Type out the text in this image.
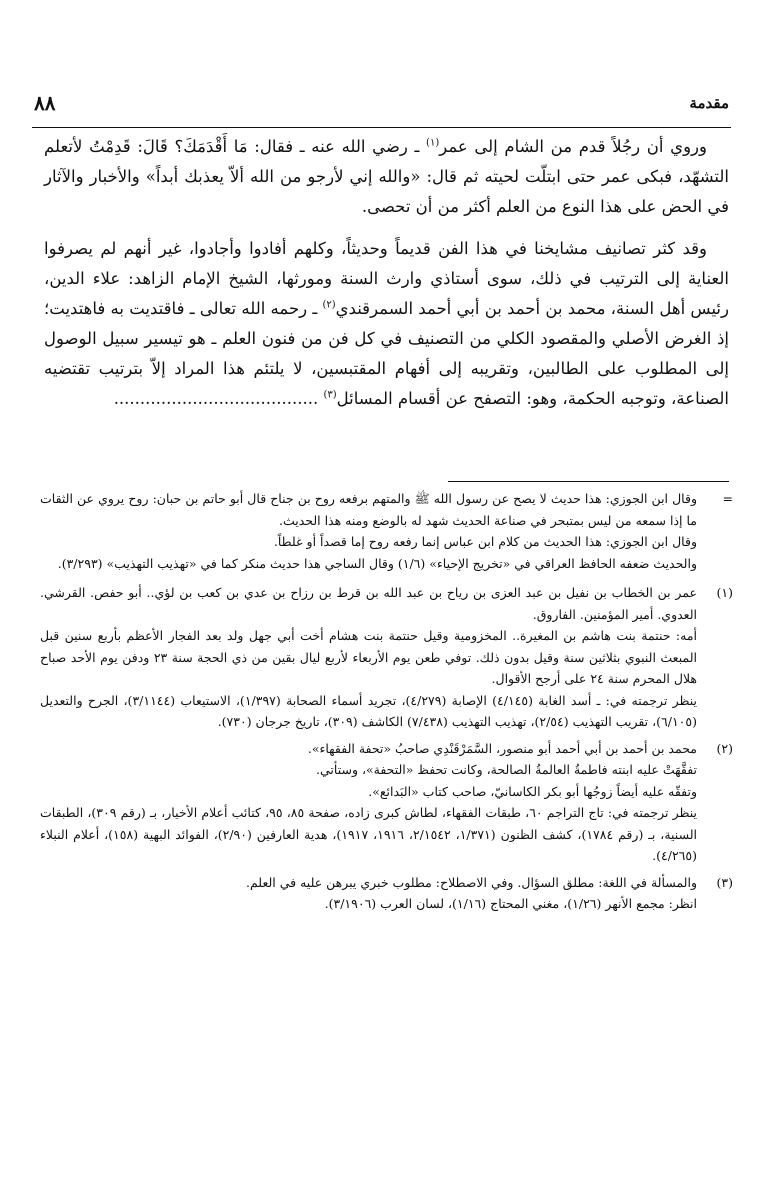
٨٨	مقدمة

وروي أن رجُلاً قدم من الشام إلى عمر$^{(١)}$ ـ رضي الله عنه ـ فقال: مَا أَقْدَمَكَ؟ قَالَ: قَدِمْتُ لأتعلم التشهّد، فبكى عمر حتى ابتلّت لحيته ثم قال: «والله إني لأرجو من الله ألاّ يعذبك أبداً» والأخبار والآثار في الحض على هذا النوع من العلم أكثر من أن تحصى.

وقد كثر تصانيف مشايخنا في هذا الفن قديماً وحديثاً، وكلهم أفادوا وأجادوا، غير أنهم لم يصرفوا العناية إلى الترتيب في ذلك، سوى أستاذي وارث السنة ومورثها، الشيخ الإمام الزاهد: علاء الدين، رئيس أهل السنة، محمد بن أحمد بن أبي أحمد السمرقندي$^{(٢)}$ ـ رحمه الله تعالى ـ فاقتديت به فاهتديت؛ إذ الغرض الأصلي والمقصود الكلي من التصنيف في كل فن من فنون العلم ـ هو تيسير سبيل الوصول إلى المطلوب على الطالبين، وتقريبه إلى أفهام المقتبسين، لا يلتئم هذا المراد إلاّ بترتيب تقتضيه الصناعة، وتوجبه الحكمة، وهو: التصفح عن أقسام المسائل$^{(٣)}$ .......................................

=
وقال ابن الجوزي: هذا حديث لا يصح عن رسول الله ﷺ والمتهم برفعه روح بن جناح قال أبو حاتم بن حبان: روح يروي عن الثقات ما إذا سمعه من ليس بمتبحر في صناعة الحديث شهد له بالوضع ومنه هذا الحديث.
وقال ابن الجوزي: هذا الحديث من كلام ابن عباس إنما رفعه روح إما قصداً أو غلطاً.
والحديث ضعفه الحافظ العراقي في «تخريج الإحياء» (١/٦) وقال الساجي هذا حديث منكر كما في «تهذيب التهذيب» (٣/٢٩٣).
(١)
عمر بن الخطاب بن نفيل بن عبد العزى بن رياح بن عبد الله بن قرط بن رزاح بن عدي بن كعب بن لؤي.. أبو حفص. القرشي. العدوي. أمير المؤمنين. الفاروق.
أمه: حنتمة بنت هاشم بن المغيرة.. المخزومية وقيل حنتمة بنت هشام أخت أبي جهل ولد بعد الفجار الأعظم بأربع سنين قبل المبعث النبوي بثلاثين سنة وقيل بدون ذلك. توفي طعن يوم الأربعاء لأربع ليال بقين من ذي الحجة سنة ٢٣ ودفن يوم الأحد صباح هلال المحرم سنة ٢٤ على أرجح الأقوال.
ينظر ترجمته في: ـ أسد الغابة (٤/١٤٥) الإصابة (٤/٢٧٩)، تجريد أسماء الصحابة (١/٣٩٧)، الاستيعاب (٣/١١٤٤)، الجرح والتعديل (٦/١٠٥)، تقريب التهذيب (٢/٥٤)، تهذيب التهذيب (٧/٤٣٨) الكاشف (٣٠٩)، تاريخ جرجان (٧٣٠).
(٢)
محمد بن أحمد بن أبي أحمد أبو منصور، السَّمَرْقَنْدِي صاحبُ «تحفة الفقهاء».
تفقَّهَتْ عليه ابنته فاطمةُ العالمةُ الصالحة، وكانت تحفظ «التحفة»، وستأتي.
وتفقّه عليه أيضاً زوجُها أبو بكر الكاسانيّ، صاحب كتاب «البَدائع».
ينظر ترجمته في: تاج التراجم ٦٠، طبقات الفقهاء، لطاش كبرى زاده، صفحة ٨٥، ٩٥، كتائب أعلام الأخيار، بـ (رقم ٣٠٩)، الطبقات السنية، بـ (رقم ١٧٨٤)، كشف الظنون (١/٣٧١، ٢/١٥٤٢، ١٩١٦، ١٩١٧)، هدية العارفين (٢/٩٠)، الفوائد البهية (١٥٨)، أعلام النبلاء (٤/٢٦٥).
(٣)
والمسألة في اللغة: مطلق السؤال. وفي الاصطلاح: مطلوب خبري يبرهن عليه في العلم.
انظر: مجمع الأنهر (١/٢٦)، مغني المحتاج (١/١٦)، لسان العرب (٣/١٩٠٦).
